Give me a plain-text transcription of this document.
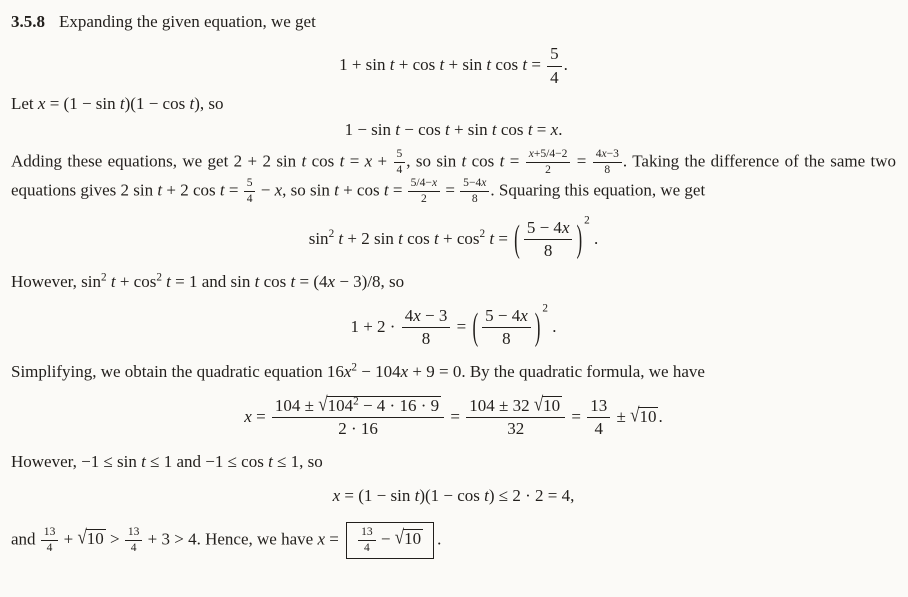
3.5.8 Expanding the given equation, we get

1 + sin t + cos t + sin t $\cos t = \frac{5}{4}$ .

Let x = (1 − sin t)(1 − cos t), so

1 − sin t − cos t + sin t cos t = x.

Adding these equations, we get 2 + 2 sin t $\cos t = x + \frac{5}{4}$ , so sin t $\cos t = \frac{x+5/4-2}{2} = \frac{4x-3}{8}$ . Taking the difference of the same two equations gives 2 sin t + 2 $\cos t = \frac{5}{4} - x$, so $\sin t + \cos t = \frac{5/4-x}{2} = \frac{5-4x}{8}$ . Squaring this equation, we get

$\sin^2 t + 2$ sin t $\cos t + \cos^2 t$ = ( $\frac{5 - 4x}{8}$ ) $^2$ .

However, $\sin^2 t + \cos^2 t = 1$ and sin t cos t = (4x − 3)/8, so

$1 + 2 \cdot \frac{4x - 3}{8}$ = ( $\frac{5 - 4x}{8}$ ) $^2$ .

Simplifying, we obtain the quadratic equation $16x^2 - 104x + 9 = 0$. By the quadratic formula, we have

$x = \frac{104 \pm √104^2 - 4 \cdot 16 \cdot 9}{2 \cdot 16} = \frac{104 \pm 32 √10}{32} = \frac{13}{4} \pm √10$ .

However, −1 ≤ sin t ≤ 1 and −1 ≤ cos t ≤ 1, so

x = (1 − sin t)(1 − cos t) ≤ 2 · 2 = 4,

and $\frac{13}{4} + √10 > \frac{13}{4} + 3 > 4$. Hence, we have $x = \frac{13}{4} - √10$ .
